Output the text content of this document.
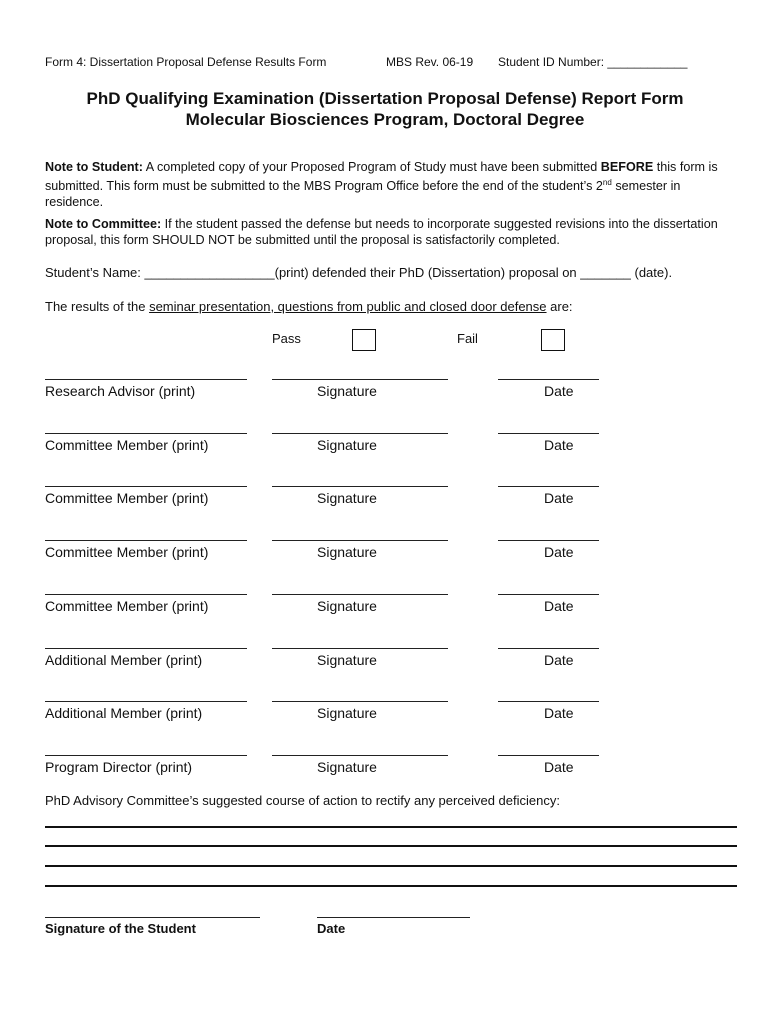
Form 4: Dissertation Proposal Defense Results Form	MBS Rev. 06-19 Student ID Number: ____________
PhD Qualifying Examination (Dissertation Proposal Defense) Report Form
Molecular Biosciences Program, Doctoral Degree
Note to Student: A completed copy of your Proposed Program of Study must have been submitted BEFORE this form is submitted. This form must be submitted to the MBS Program Office before the end of the student’s 2nd semester in residence.
Note to Committee: If the student passed the defense but needs to incorporate suggested revisions into the dissertation proposal, this form SHOULD NOT be submitted until the proposal is satisfactorily completed.
Student’s Name: __________________(print) defended their PhD (Dissertation) proposal on _______ (date).
The results of the seminar presentation, questions from public and closed door defense are:
Pass	Fail
Research Advisor (print)	Signature	Date
Committee Member (print)	Signature	Date
Committee Member (print)	Signature	Date
Committee Member (print)	Signature	Date
Committee Member (print)	Signature	Date
Additional Member (print)	Signature	Date
Additional Member (print)	Signature	Date
Program Director (print)	Signature	Date
PhD Advisory Committee’s suggested course of action to rectify any perceived deficiency:
Signature of the Student	Date
